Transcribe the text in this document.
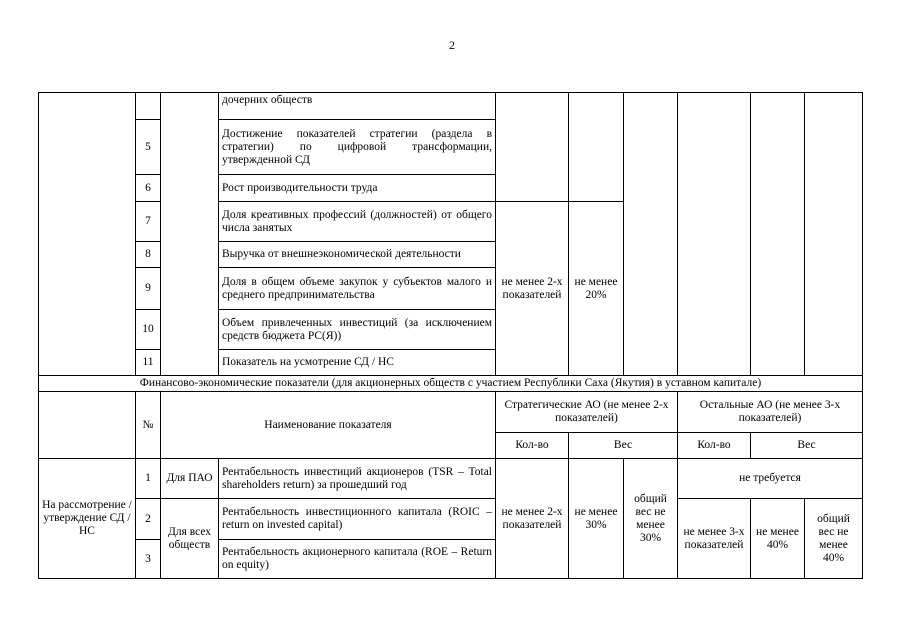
2
			дочерних обществ						
	5		Достижение показателей стратегии (раздела в стратегии) по цифровой трансформации, утвержденной СД						
	6		Рост производительности труда						
	7		Доля креативных профессий (должностей) от общего числа занятых	не менее 2-х показателей	не менее 20%				
	8		Выручка от внешнеэкономической деятельности						
	9		Доля в общем объеме закупок у субъектов малого и среднего предпринимательства						
	10		Объем привлеченных инвестиций (за исключением средств бюджета РС(Я))						
	11		Показатель на усмотрение СД / НС						
Финансово-экономические показатели (для акционерных обществ с участием Республики Саха (Якутия) в уставном капитале)									
	№	Наименование показателя		Стратегические АО (не менее 2-х показателей)			Остальные АО (не менее 3-х показателей)		
				Кол-во	Вес		Кол-во	Вес	
На рассмотрение /утверждение СД / НС	1	Для ПАО	Рентабельность инвестиций акционеров (TSR – Total shareholders return) за прошедший год	не менее 2-х показателей	не менее 30%	общий вес не менее 30%	не требуется		
	2	Для всех обществ	Рентабельность инвестиционного капитала (ROIC – return on invested capital)				не менее 3-х показателей	не менее 40%	общий вес не менее 40%
	3		Рентабельность акционерного капитала (ROE – Return on equity)						
